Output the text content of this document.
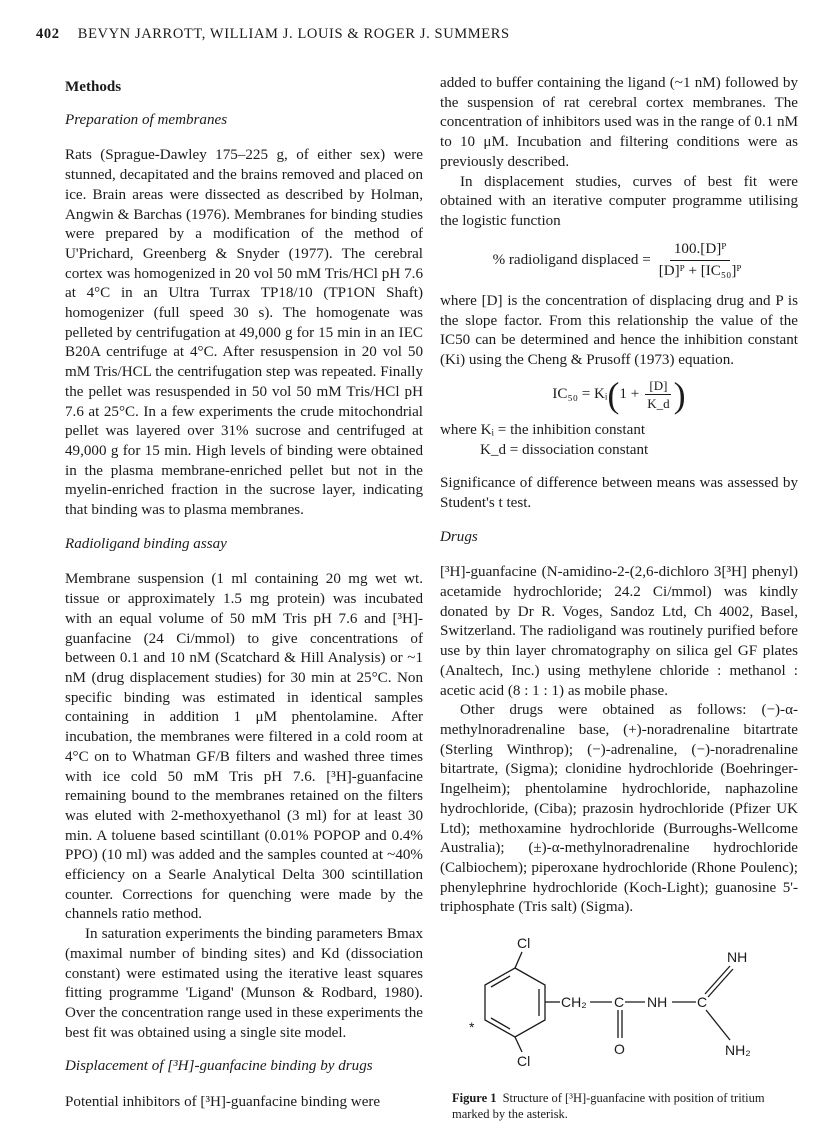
402 BEVYN JARROTT, WILLIAM J. LOUIS & ROGER J. SUMMERS
Methods
Preparation of membranes

Rats (Sprague-Dawley 175–225 g, of either sex) were stunned, decapitated and the brains removed and placed on ice. Brain areas were dissected as described by Holman, Angwin & Barchas (1976). Membranes for binding studies were prepared by a modification of the method of U'Prichard, Greenberg & Snyder (1977). The cerebral cortex was homogenized in 20 vol 50 mM Tris/HCl pH 7.6 at 4°C in an Ultra Turrax TP18/10 (TP1ON Shaft) homogenizer (full speed 30 s). The homogenate was pelleted by centrifugation at 49,000 g for 15 min in an IEC B20A centrifuge at 4°C. After resuspension in 20 vol 50 mM Tris/HCL the centrifugation step was repeated. Finally the pellet was resuspended in 50 vol 50 mM Tris/HCl pH 7.6 at 25°C. In a few experiments the crude mitochondrial pellet was layered over 31% sucrose and centrifuged at 49,000 g for 15 min. High levels of binding were obtained in the plasma membrane-enriched pellet but not in the myelin-enriched fraction in the sucrose layer, indicating that binding was to plasma membranes.

Radioligand binding assay

Membrane suspension (1 ml containing 20 mg wet wt. tissue or approximately 1.5 mg protein) was incubated with an equal volume of 50 mM Tris pH 7.6 and [³H]-guanfacine (24 Ci/mmol) to give concentrations of between 0.1 and 10 nM (Scatchard & Hill Analysis) or ~1 nM (drug displacement studies) for 30 min at 25°C. Non specific binding was estimated in identical samples containing in addition 1 μM phentolamine. After incubation, the membranes were filtered in a cold room at 4°C on to Whatman GF/B filters and washed three times with ice cold 50 mM Tris pH 7.6. [³H]-guanfacine remaining bound to the membranes retained on the filters was eluted with 2-methoxyethanol (3 ml) for at least 30 min. A toluene based scintillant (0.01% POPOP and 0.4% PPO) (10 ml) was added and the samples counted at ~40% efficiency on a Searle Analytical Delta 300 scintillation counter. Corrections for quenching were made by the channels ratio method.

In saturation experiments the binding parameters Bmax (maximal number of binding sites) and Kd (dissociation constant) were estimated using the iterative least squares fitting programme 'Ligand' (Munson & Rodbard, 1980). Over the concentration range used in these experiments the best fit was obtained using a single site model.

Displacement of [³H]-guanfacine binding by drugs

Potential inhibitors of [³H]-guanfacine binding were

added to buffer containing the ligand (~1 nM) followed by the suspension of rat cerebral cortex membranes. The concentration of inhibitors used was in the range of 0.1 nM to 10 μM. Incubation and filtering conditions were as previously described.

In displacement studies, curves of best fit were obtained with an iterative computer programme utilising the logistic function

% radioligand displaced = $\frac{\text{100.[D]ᴾ}}{\text{[D]ᴾ + [IC₅₀]ᴾ}}$

where [D] is the concentration of displacing drug and P is the slope factor. From this relationship the value of the IC50 can be determined and hence the inhibition constant (Ki) using the Cheng & Prusoff (1973) equation.

IC₅₀ = Kᵢ ( $1 + \frac{[D]}{K\_d}$ )
where Kᵢ = the inhibition constant
K_d = dissociation constant

Significance of difference between means was assessed by Student's t test.

Drugs

[³H]-guanfacine (N-amidino-2-(2,6-dichloro 3[³H] phenyl) acetamide hydrochloride; 24.2 Ci/mmol) was kindly donated by Dr R. Voges, Sandoz Ltd, Ch 4002, Basel, Switzerland. The radioligand was routinely purified before use by thin layer chromatography on silica gel GF plates (Analtech, Inc.) using methylene chloride : methanol : acetic acid (8 : 1 : 1) as mobile phase.

Other drugs were obtained as follows: (−)-α-methylnoradrenaline base, (+)-noradrenaline bitartrate (Sterling Winthrop); (−)-adrenaline, (−)-noradrenaline bitartrate, (Sigma); clonidine hydrochloride (Boehringer-Ingelheim); phentolamine hydrochloride, naphazoline hydrochloride, (Ciba); prazosin hydrochloride (Pfizer UK Ltd); methoxamine hydrochloride (Burroughs-Wellcome Australia); (±)-α-methylnoradrenaline hydrochloride (Calbiochem); piperoxane hydrochloride (Rhone Poulenc); phenylephrine hydrochloride (Koch-Light); guanosine 5'-triphosphate (Tris salt) (Sigma).

Cl
Cl
CH₂ C
O
NH C
NH
NH₂
*
Figure 1 Structure of [³H]-guanfacine with position of tritium marked by the asterisk.
